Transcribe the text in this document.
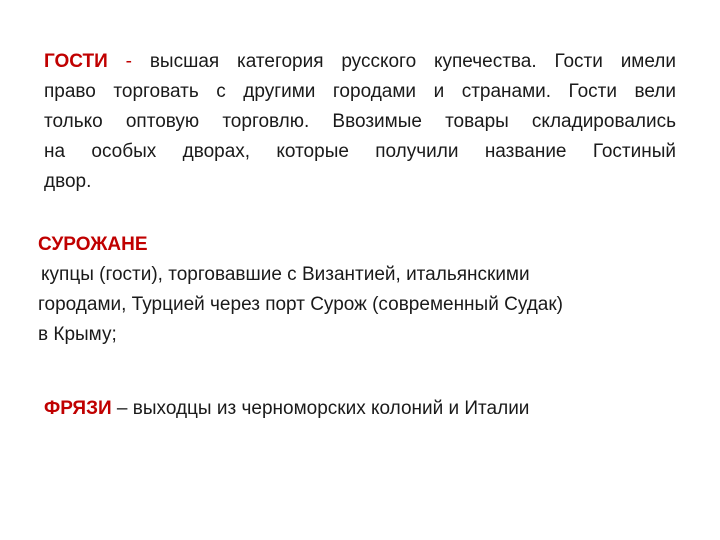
ГОСТИ - высшая категория русского купечества. Гости имели
право торговать с другими городами и странами. Гости вели
только оптовую торговлю. Ввозимые товары складировались
на особых дворах, которые получили название Гостиный
двор.
СУРОЖАНЕ
купцы (гости), торговавшие с Византией, итальянскими
городами, Турцией через порт Сурож (современный Судак)
в Крыму;
ФРЯЗИ – выходцы из черноморских колоний и Италии
